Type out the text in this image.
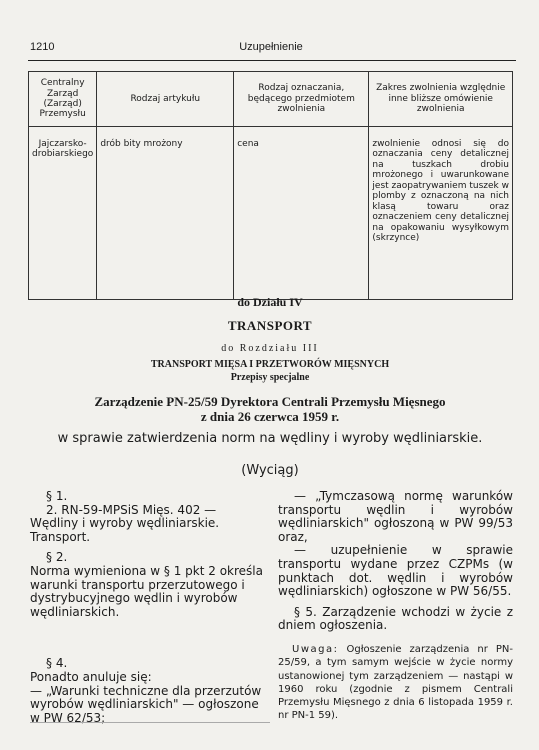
1210	Uzupełnienie
Centralny Zarząd (Zarząd) Przemysłu	Rodzaj artykułu	Rodzaj oznaczania, będącego przedmiotem zwolnienia	Zakres zwolnienia względnie inne bliższe omówienie zwolnienia
Jajczarsko-drobiarskiego	drób bity mrożony	cena	zwolnienie odnosi się do oznaczania ceny detalicznej na tuszkach drobiu mrożonego i uwarunkowane jest zaopatrywaniem tuszek w plomby z oznaczoną na nich klasą towaru oraz oznaczeniem ceny detalicznej na opakowaniu wysyłkowym (skrzynce)
do Działu IV
TRANSPORT
do Rozdziału III
TRANSPORT MIĘSA I PRZETWORÓW MIĘSNYCH
Przepisy specjalne
Zarządzenie PN-25/59 Dyrektora Centrali Przemysłu Mięsnego
z dnia 26 czerwca 1959 r.
w sprawie zatwierdzenia norm na wędliny i wyroby wędliniarskie.
(Wyciąg)

§ 1.

2. RN-59-MPSiS Mięs. 402 — Wędliny i wyroby wędliniarskie. Transport.

§ 2.

Norma wymieniona w § 1 pkt 2 określa warunki transportu przerzutowego i dystrybucyjnego wędlin i wyrobów wędliniarskich.

§ 4.

Ponadto anuluje się:

— „Warunki techniczne dla przerzutów wyrobów wędliniarskich" — ogłoszone w PW 62/53;

— „Tymczasową normę warunków transportu wędlin i wyrobów wędliniarskich" ogłoszoną w PW 99/53 oraz,

— uzupełnienie w sprawie transportu wydane przez CZPMs (w punktach dot. wędlin i wyrobów wędliniarskich) ogłoszone w PW 56/55.

§ 5. Zarządzenie wchodzi w życie z dniem ogłoszenia.

Uwaga: Ogłoszenie zarządzenia nr PN-25/59, a tym samym wejście w życie normy ustanowionej tym zarządzeniem — nastąpi w 1960 roku (zgodnie z pismem Centrali Przemysłu Mięsnego z dnia 6 listopada 1959 r. nr PN-1 59).
